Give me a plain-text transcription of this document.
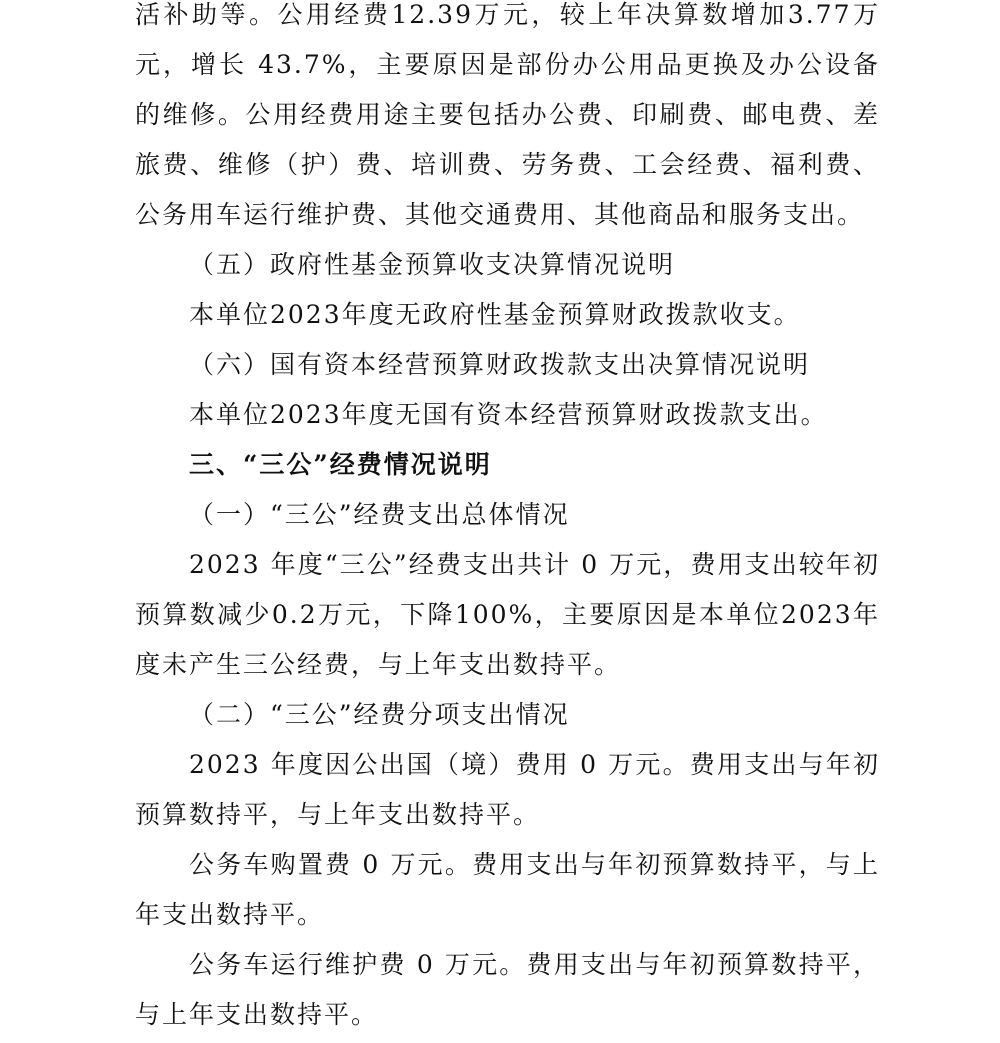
活补助等。公用经费12.39万元，较上年决算数增加3.77万元，增长 43.7%，主要原因是部份办公用品更换及办公设备的维修。公用经费用途主要包括办公费、印刷费、邮电费、差旅费、维修（护）费、培训费、劳务费、工会经费、福利费、公务用车运行维护费、其他交通费用、其他商品和服务支出。

（五）政府性基金预算收支决算情况说明

本单位2023年度无政府性基金预算财政拨款收支。

（六）国有资本经营预算财政拨款支出决算情况说明

本单位2023年度无国有资本经营预算财政拨款支出。

三、“三公”经费情况说明

（一）“三公”经费支出总体情况

2023 年度“三公”经费支出共计 0 万元，费用支出较年初预算数减少0.2万元，下降100%，主要原因是本单位2023年度未产生三公经费，与上年支出数持平。

（二）“三公”经费分项支出情况

2023 年度因公出国（境）费用 0 万元。费用支出与年初预算数持平，与上年支出数持平。

公务车购置费 0 万元。费用支出与年初预算数持平，与上年支出数持平。

公务车运行维护费 0 万元。费用支出与年初预算数持平，与上年支出数持平。
